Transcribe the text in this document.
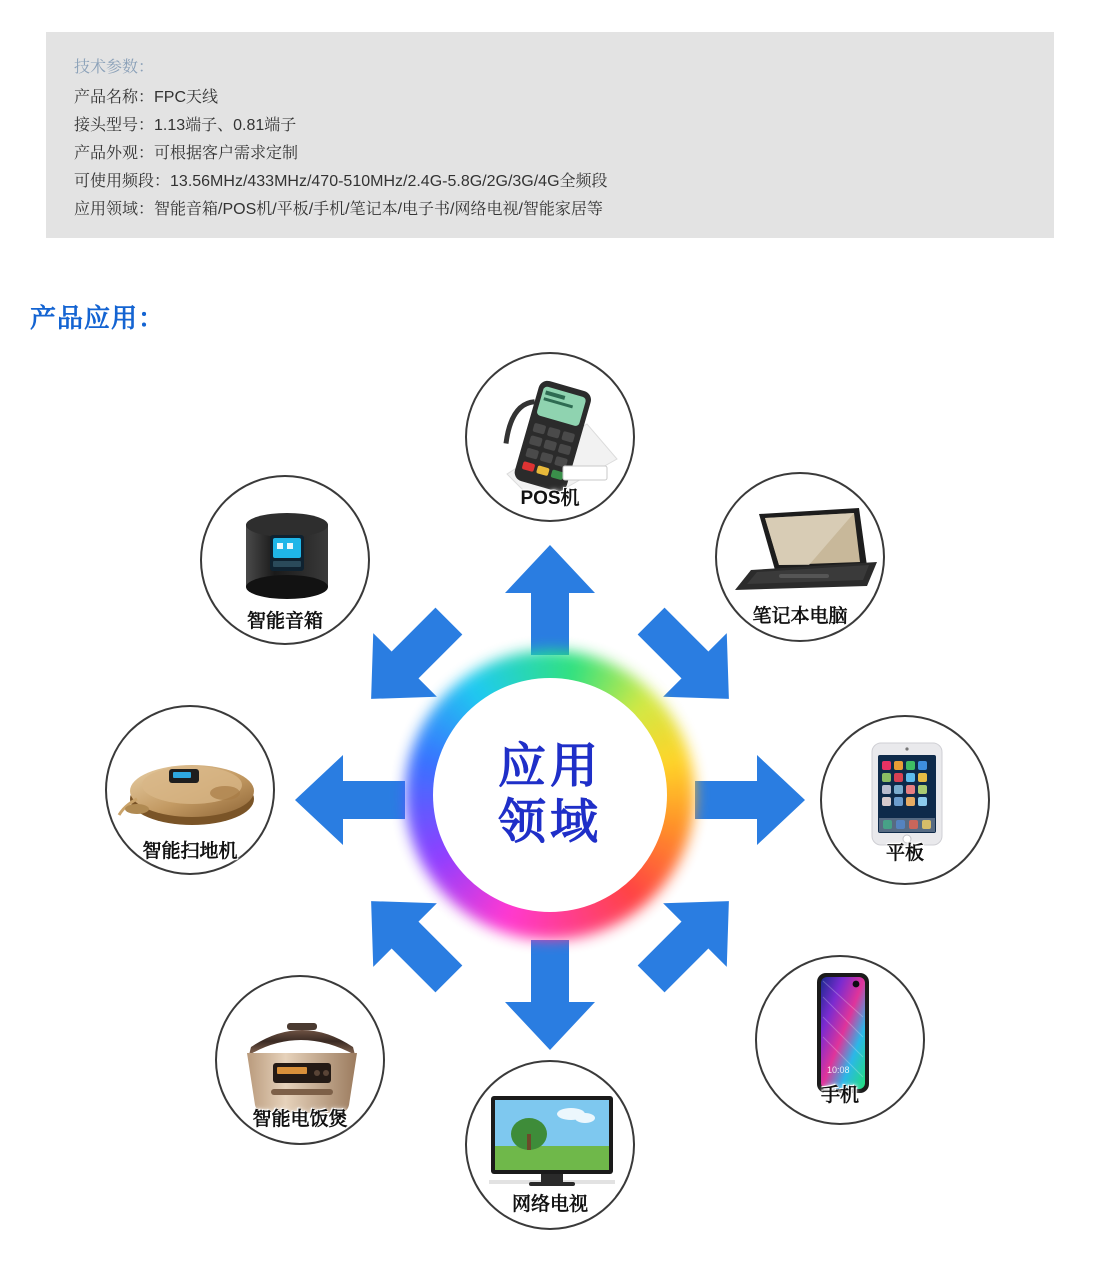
技术参数：
产品名称：FPC天线
接头型号：1.13端子、0.81端子
产品外观：可根据客户需求定制
可使用频段：13.56MHz/433MHz/470-510MHz/2.4G-5.8G/2G/3G/4G全频段
应用领域：智能音箱/POS机/平板/手机/笔记本/电子书/网络电视/智能家居等
产品应用：
应用
领域
POS机
笔记本电脑
平板
10:08
手机
网络电视
智能电饭煲
智能扫地机
智能音箱
